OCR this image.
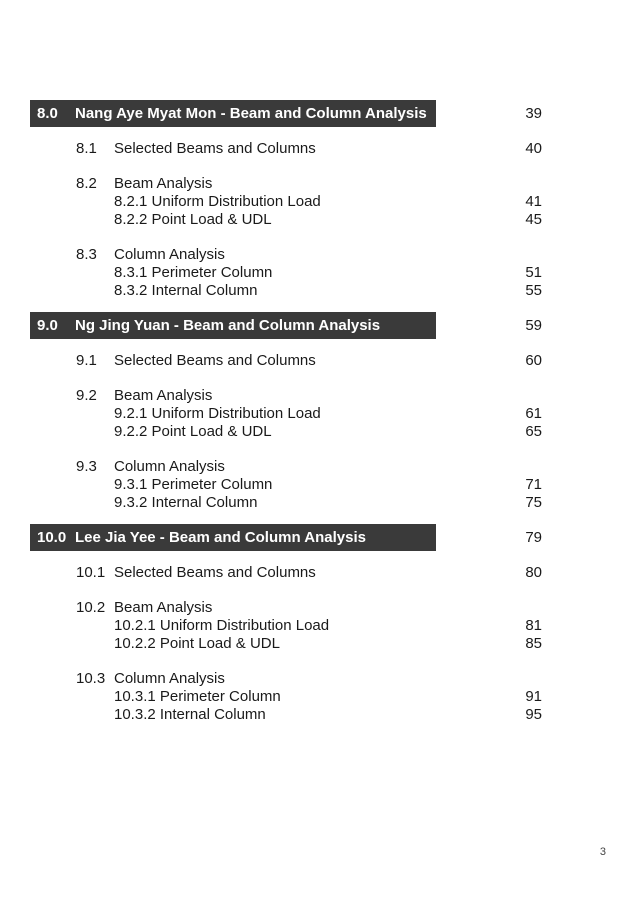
8.0 Nang Aye Myat Mon - Beam and Column Analysis	39
8.1 Selected Beams and Columns	40
8.2 Beam Analysis
8.2.1 Uniform Distribution Load	41
8.2.2 Point Load & UDL	45
8.3 Column Analysis
8.3.1 Perimeter Column	51
8.3.2 Internal Column	55
9.0 Ng Jing Yuan - Beam and Column Analysis	59
9.1 Selected Beams and Columns	60
9.2 Beam Analysis
9.2.1 Uniform Distribution Load	61
9.2.2 Point Load & UDL	65
9.3 Column Analysis
9.3.1 Perimeter Column	71
9.3.2 Internal Column	75
10.0 Lee Jia Yee - Beam and Column Analysis	79
10.1 Selected Beams and Columns	80
10.2 Beam Analysis
10.2.1 Uniform Distribution Load	81
10.2.2 Point Load & UDL	85
10.3 Column Analysis
10.3.1 Perimeter Column	91
10.3.2 Internal Column	95
3
